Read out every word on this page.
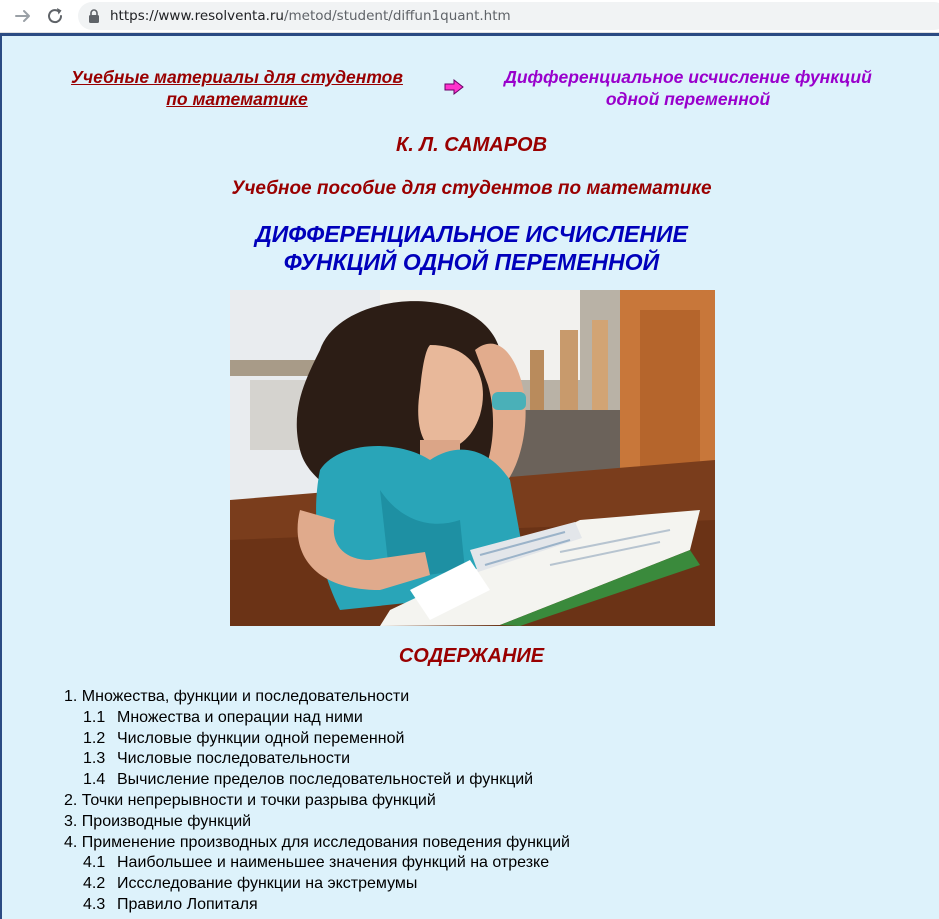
https://www.resolventa.ru/metod/student/diffun1quant.htm
Учебные материалы для студентов
по математике
Дифференциальное исчисление функций
одной переменной
К. Л. САМАРОВ
Учебное пособие для студентов по математике
ДИФФЕРЕНЦИАЛЬНОЕ ИСЧИСЛЕНИЕ
ФУНКЦИЙ ОДНОЙ ПЕРЕМЕННОЙ
СОДЕРЖАНИЕ
1. Множества, функции и последовательности
1.1 Множества и операции над ними
1.2 Числовые функции одной переменной
1.3 Числовые последовательности
1.4 Вычисление пределов последовательностей и функций
2. Точки непрерывности и точки разрыва функций
3. Производные функций
4. Применение производных для исследования поведения функций
4.1 Наибольшее и наименьшее значения функций на отрезке
4.2 Иссследование функции на экстремумы
4.3 Правило Лопиталя
